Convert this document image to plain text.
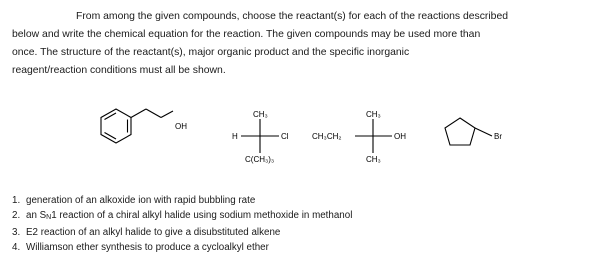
From among the given compounds, choose the reactant(s) for each of the reactions described
below and write the chemical equation for the reaction. The given compounds may be used more than
once. The structure of the reactant(s), major organic product and the specific inorganic
reagent/reaction conditions must all be shown.
OH
CH₃
H	Cl
C(CH₃)₃
CH₃
CH₃CH₂	OH
CH₃
Br
1. generation of an alkoxide ion with rapid bubbling rate
2. an SN1 reaction of a chiral alkyl halide using sodium methoxide in methanol
3. E2 reaction of an alkyl halide to give a disubstituted alkene
4. Williamson ether synthesis to produce a cycloalkyl ether
